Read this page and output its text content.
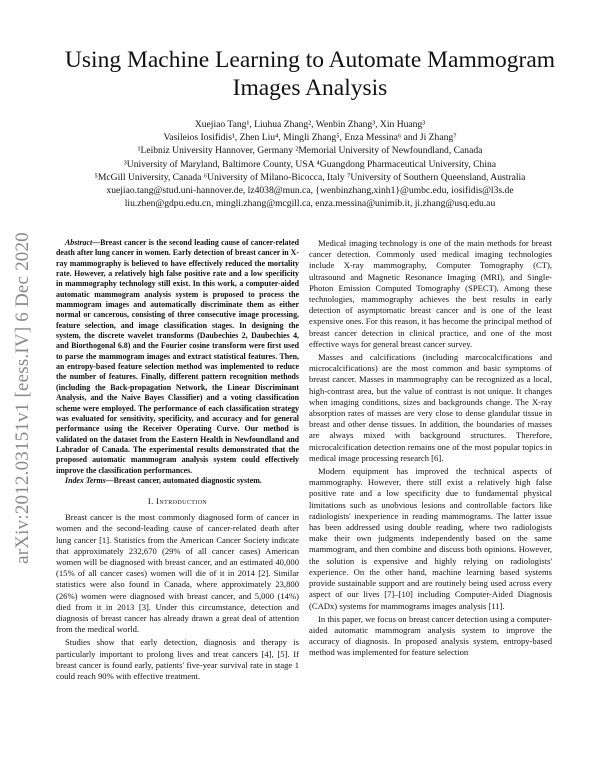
arXiv:2012.03151v1 [eess.IV] 6 Dec 2020
Using Machine Learning to Automate Mammogram
Images Analysis
Xuejiao Tang¹, Liuhua Zhang², Wenbin Zhang³, Xin Huang³
Vasileios Iosifidis¹, Zhen Liu⁴, Mingli Zhang⁵, Enza Messina⁶ and Ji Zhang⁷
¹Leibniz University Hannover, Germany ²Memorial University of Newfoundland, Canada
³University of Maryland, Baltimore County, USA ⁴Guangdong Pharmaceutical University, China
⁵McGill University, Canada ⁶University of Milano-Bicocca, Italy ⁷University of Southern Queensland, Australia
xuejiao.tang@stud.uni-hannover.de, lz4038@mun.ca, {wenbinzhang,xinh1}@umbc.edu, iosifidis@l3s.de
liu.zhen@gdpu.edu.cn, mingli.zhang@mcgill.ca, enza.messina@unimib.it, ji.zhang@usq.edu.au

Abstract—Breast cancer is the second leading cause of cancer-related death after lung cancer in women. Early detection of breast cancer in X-ray mammography is believed to have effectively reduced the mortality rate. However, a relatively high false positive rate and a low specificity in mammography technology still exist. In this work, a computer-aided automatic mammogram analysis system is proposed to process the mammogram images and automatically discriminate them as either normal or cancerous, consisting of three consecutive image processing, feature selection, and image classification stages. In designing the system, the discrete wavelet transforms (Daubechies 2, Daubechies 4, and Biorthogonal 6.8) and the Fourier cosine transform were first used to parse the mammogram images and extract statistical features. Then, an entropy-based feature selection method was implemented to reduce the number of features. Finally, different pattern recognition methods (including the Back-propagation Network, the Linear Discriminant Analysis, and the Naive Bayes Classifier) and a voting classification scheme were employed. The performance of each classification strategy was evaluated for sensitivity, specificity, and accuracy and for general performance using the Receiver Operating Curve. Our method is validated on the dataset from the Eastern Health in Newfoundland and Labrador of Canada. The experimental results demonstrated that the proposed automatic mammogram analysis system could effectively improve the classification performances.

Index Terms—Breast cancer, automated diagnostic system.

I. Introduction

Breast cancer is the most commonly diagnosed form of cancer in women and the second-leading cause of cancer-related death after lung cancer [1]. Statistics from the American Cancer Society indicate that approximately 232,670 (29% of all cancer cases) American women will be diagnosed with breast cancer, and an estimated 40,000 (15% of all cancer cases) women will die of it in 2014 [2]. Similar statistics were also found in Canada, where approximately 23,800 (26%) women were diagnosed with breast cancer, and 5,000 (14%) died from it in 2013 [3]. Under this circumstance, detection and diagnosis of breast cancer has already drawn a great deal of attention from the medical world.

Studies show that early detection, diagnosis and therapy is particularly important to prolong lives and treat cancers [4], [5]. If breast cancer is found early, patients' five-year survival rate in stage 1 could reach 90% with effective treatment.

Medical imaging technology is one of the main methods for breast cancer detection. Commonly used medical imaging technologies include X-ray mammography, Computer Tomography (CT), ultrasound and Magnetic Resonance Imaging (MRI), and Single-Photon Emission Computed Tomography (SPECT). Among these technologies, mammography achieves the best results in early detection of asymptomatic breast cancer and is one of the least expensive ones. For this reason, it has become the principal method of breast cancer detection in clinical practice, and one of the most effective ways for general breast cancer survey.

Masses and calcifications (including marcocalcifications and microcalcifications) are the most common and basic symptoms of breast cancer. Masses in mammography can be recognized as a local, high-contrast area, but the value of contrast is not unique. It changes when imaging conditions, sizes and backgrounds change. The X-ray absorption rates of masses are very close to dense glandular tissue in breast and other dense tissues. In addition, the boundaries of masses are always mixed with background structures. Therefore, microcalcification detection remains one of the most popular topics in medical image processing research [6].

Modern equipment has improved the technical aspects of mammography. However, there still exist a relatively high false positive rate and a low specificity due to fundamental physical limitations such as unobvious lesions and controllable factors like radiologists' inexperience in reading mammograms. The latter issue has been addressed using double reading, where two radiologists make their own judgments independently based on the same mammogram, and then combine and discuss both opinions. However, the solution is expensive and highly relying on radiologists' experience. On the other hand, machine learning based systems provide sustainable support and are routinely being used across every aspect of our lives [7]–[10] including Computer-Aided Diagnosis (CADx) systems for mammograms images analysis [11].

In this paper, we focus on breast cancer detection using a computer-aided automatic mammogram analysis system to improve the accuracy of diagnosis. In proposed analysis system, entropy-based method was implemented for feature selection
